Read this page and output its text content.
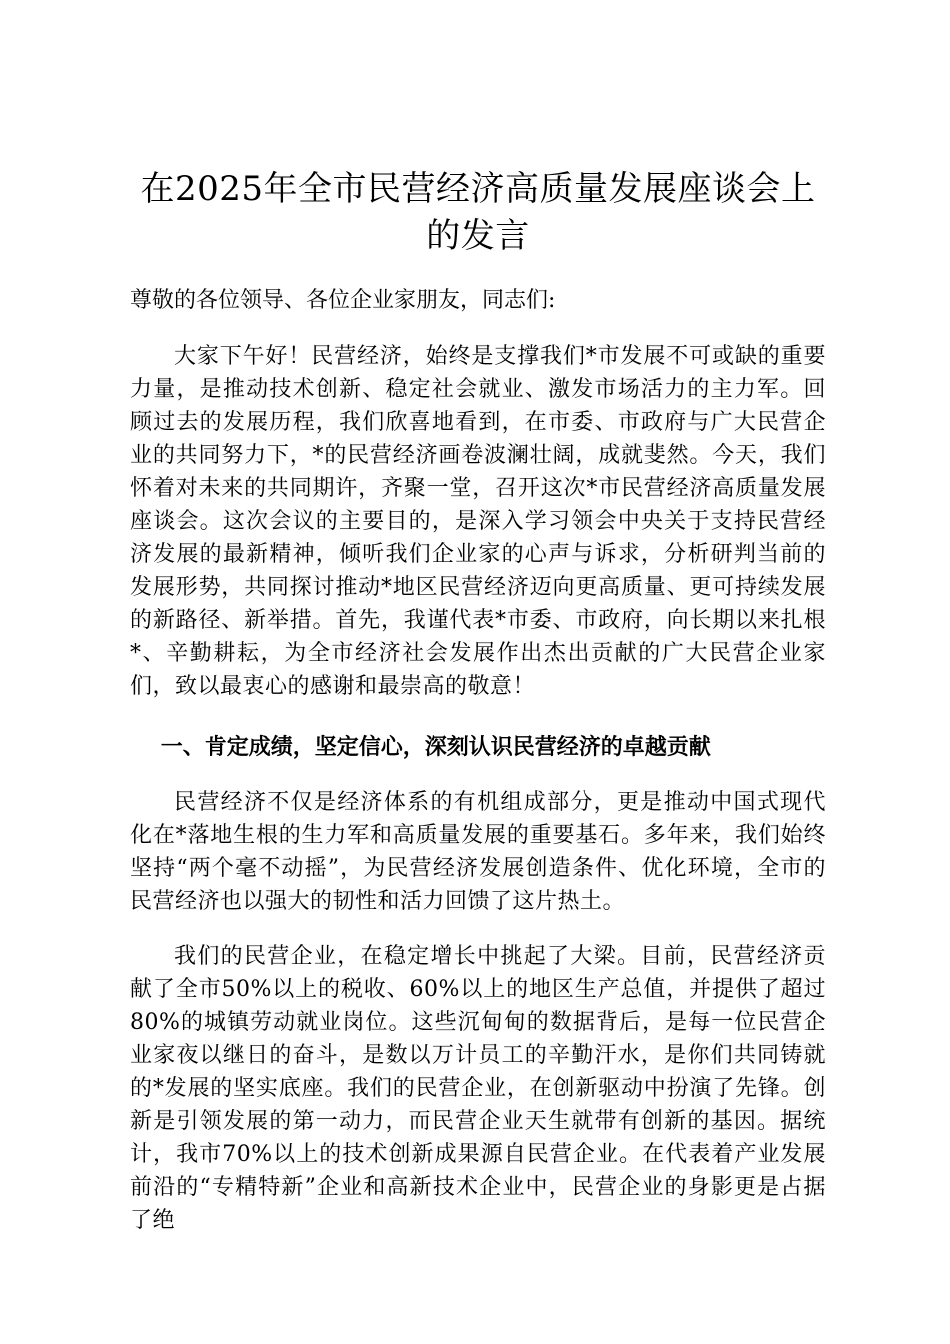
在2025年全市民营经济高质量发展座谈会上的发言

尊敬的各位领导、各位企业家朋友，同志们:

大家下午好！民营经济，始终是支撑我们*市发展不可或缺的重要力量，是推动技术创新、稳定社会就业、激发市场活力的主力军。回顾过去的发展历程，我们欣喜地看到，在市委、市政府与广大民营企业的共同努力下，*的民营经济画卷波澜壮阔，成就斐然。今天，我们怀着对未来的共同期许，齐聚一堂，召开这次*市民营经济高质量发展座谈会。这次会议的主要目的，是深入学习领会中央关于支持民营经济发展的最新精神，倾听我们企业家的心声与诉求，分析研判当前的发展形势，共同探讨推动*地区民营经济迈向更高质量、更可持续发展的新路径、新举措。首先，我谨代表*市委、市政府，向长期以来扎根*、辛勤耕耘，为全市经济社会发展作出杰出贡献的广大民营企业家们，致以最衷心的感谢和最崇高的敬意！

一、肯定成绩，坚定信心，深刻认识民营经济的卓越贡献

民营经济不仅是经济体系的有机组成部分，更是推动中国式现代化在*落地生根的生力军和高质量发展的重要基石。多年来，我们始终坚持“两个毫不动摇”，为民营经济发展创造条件、优化环境，全市的民营经济也以强大的韧性和活力回馈了这片热土。

我们的民营企业，在稳定增长中挑起了大梁。目前，民营经济贡献了全市50%以上的税收、60%以上的地区生产总值，并提供了超过80%的城镇劳动就业岗位。这些沉甸甸的数据背后，是每一位民营企业家夜以继日的奋斗，是数以万计员工的辛勤汗水，是你们共同铸就的*发展的坚实底座。我们的民营企业，在创新驱动中扮演了先锋。创新是引领发展的第一动力，而民营企业天生就带有创新的基因。据统计，我市70%以上的技术创新成果源自民营企业。在代表着产业发展前沿的“专精特新”企业和高新技术企业中，民营企业的身影更是占据了绝
